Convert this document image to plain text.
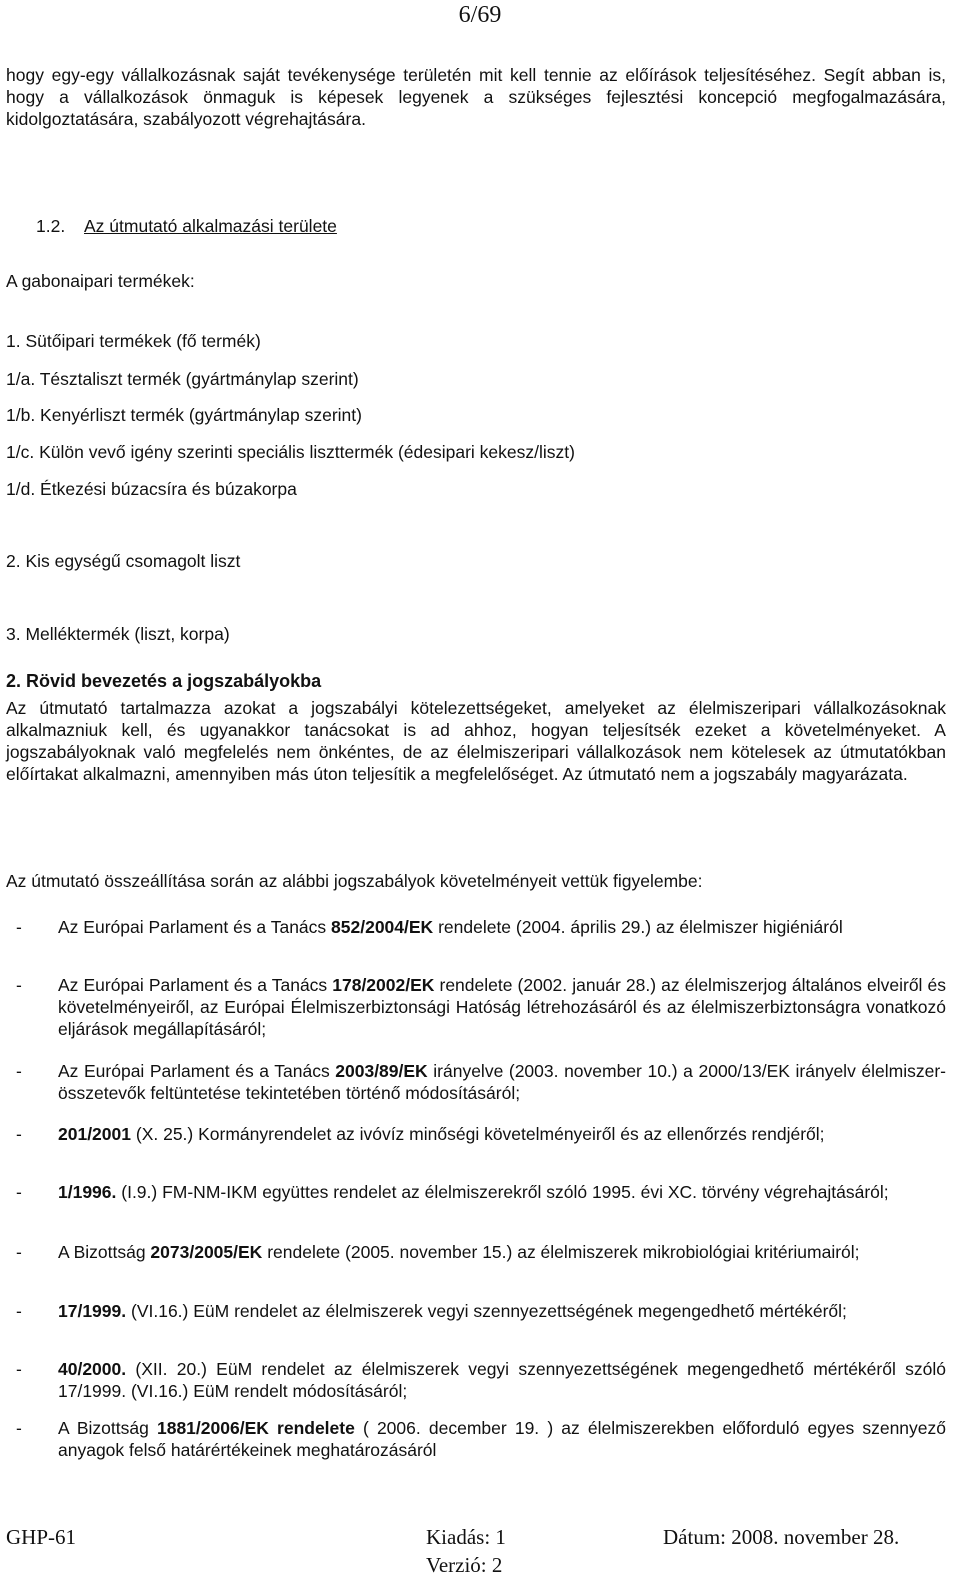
6/69
hogy egy-egy vállalkozásnak saját tevékenysége területén mit kell tennie az előírások teljesítéséhez. Segít abban is, hogy a vállalkozások önmaguk is képesek legyenek a szükséges fejlesztési koncepció megfogalmazására, kidolgoztatására, szabályozott végrehajtására.
1.2. Az útmutató alkalmazási területe
A gabonaipari termékek:
1. Sütőipari termékek (fő termék)
1/a. Tésztaliszt termék (gyártmánylap szerint)
1/b. Kenyérliszt termék (gyártmánylap szerint)
1/c. Külön vevő igény szerinti speciális liszttermék (édesipari kekesz/liszt)
1/d. Étkezési búzacsíra és búzakorpa
2. Kis egységű csomagolt liszt
3. Melléktermék (liszt, korpa)
2. Rövid bevezetés a jogszabályokba
Az útmutató tartalmazza azokat a jogszabályi kötelezettségeket, amelyeket az élelmiszeripari vállalkozásoknak alkalmazniuk kell, és ugyanakkor tanácsokat is ad ahhoz, hogyan teljesítsék ezeket a követelményeket. A jogszabályoknak való megfelelés nem önkéntes, de az élelmiszeripari vállalkozások nem kötelesek az útmutatókban előírtakat alkalmazni, amennyiben más úton teljesítik a megfelelőséget. Az útmutató nem a jogszabály magyarázata.
Az útmutató összeállítása során az alábbi jogszabályok követelményeit vettük figyelembe:
- Az Európai Parlament és a Tanács 852/2004/EK rendelete (2004. április 29.) az élelmiszer higiéniáról
- Az Európai Parlament és a Tanács 178/2002/EK rendelete (2002. január 28.) az élelmiszerjog általános elveiről és követelményeiről, az Európai Élelmiszerbiztonsági Hatóság létrehozásáról és az élelmiszerbiztonságra vonatkozó eljárások megállapításáról;
- Az Európai Parlament és a Tanács 2003/89/EK irányelve (2003. november 10.) a 2000/13/EK irányelv élelmiszer-összetevők feltüntetése tekintetében történő módosításáról;
- 201/2001 (X. 25.) Kormányrendelet az ivóvíz minőségi követelményeiről és az ellenőrzés rendjéről;
- 1/1996. (I.9.) FM-NM-IKM együttes rendelet az élelmiszerekről szóló 1995. évi XC. törvény végrehajtásáról;
- A Bizottság 2073/2005/EK rendelete (2005. november 15.) az élelmiszerek mikrobiológiai kritériumairól;
- 17/1999. (VI.16.) EüM rendelet az élelmiszerek vegyi szennyezettségének megengedhető mértékéről;
- 40/2000. (XII. 20.) EüM rendelet az élelmiszerek vegyi szennyezettségének megengedhető mértékéről szóló 17/1999. (VI.16.) EüM rendelt módosításáról;
- A Bizottság 1881/2006/EK rendelete ( 2006. december 19. ) az élelmiszerekben előforduló egyes szennyező anyagok felső határértékeinek meghatározásáról
GHP-61	Kiadás: 1
Verzió: 2
Dátum: 2008. november 28.
